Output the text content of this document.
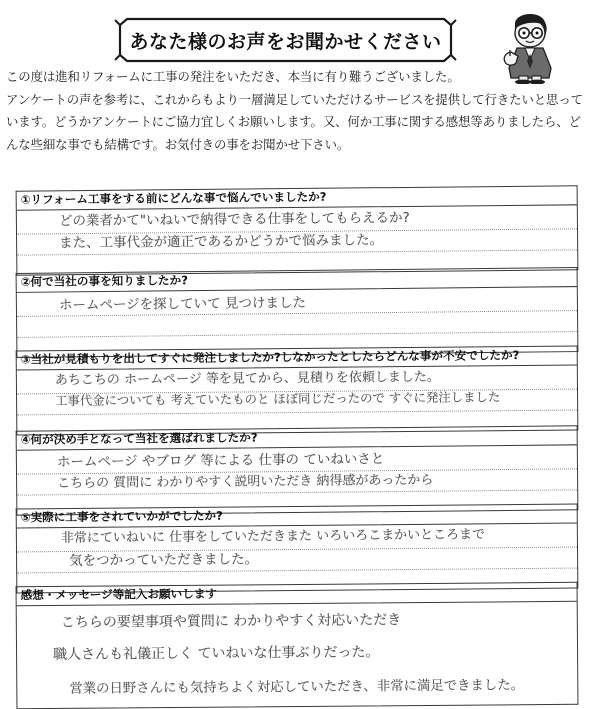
あなた様のお声をお聞かせください

この度は進和リフォームに工事の発注をいただき、本当に有り難うございました。

アンケートの声を参考に、これからもより一層満足していただけるサービスを提供して行きたいと思って

います。どうかアンケートにご協力宜しくお願いします。又、何か工事に関する感想等ありましたら、ど

んな些細な事でも結構です。お気付きの事をお聞かせ下さい。

①リフォーム工事をする前にどんな事で悩んでいましたか?
どの業者かて"いねいで納得できる仕事をしてもらえるか?
また、工事代金が適正であるかどうかで悩みました。
②何で当社の事を知りましたか?
ホームページを探していて 見つけました
③当社が見積もりを出してすぐに発注しましたか?しなかったとしたらどんな事が不安でしたか?
あちこちの ホームページ 等を見てから、見積りを依頼しました。
工事代金についても 考えていたものと ほぼ同じだったので すぐに発注しました
④何が決め手となって当社を選ばれましたか?
ホームページ やブログ 等による 仕事の ていねいさと
こちらの 質問に わかりやすく説明いただき 納得感があったから
⑤実際に工事をされていかがでしたか?
非常にていねいに 仕事をしていただきまた いろいろこまかいところまで
気をつかっていただきました。
感想・メッセージ等記入お願いします
こちらの要望事項や質問に わかりやすく対応いただき
職人さんも礼儀正しく ていねいな仕事ぶりだった。
営業の日野さんにも気持ちよく対応していただき、非常に満足できました。
